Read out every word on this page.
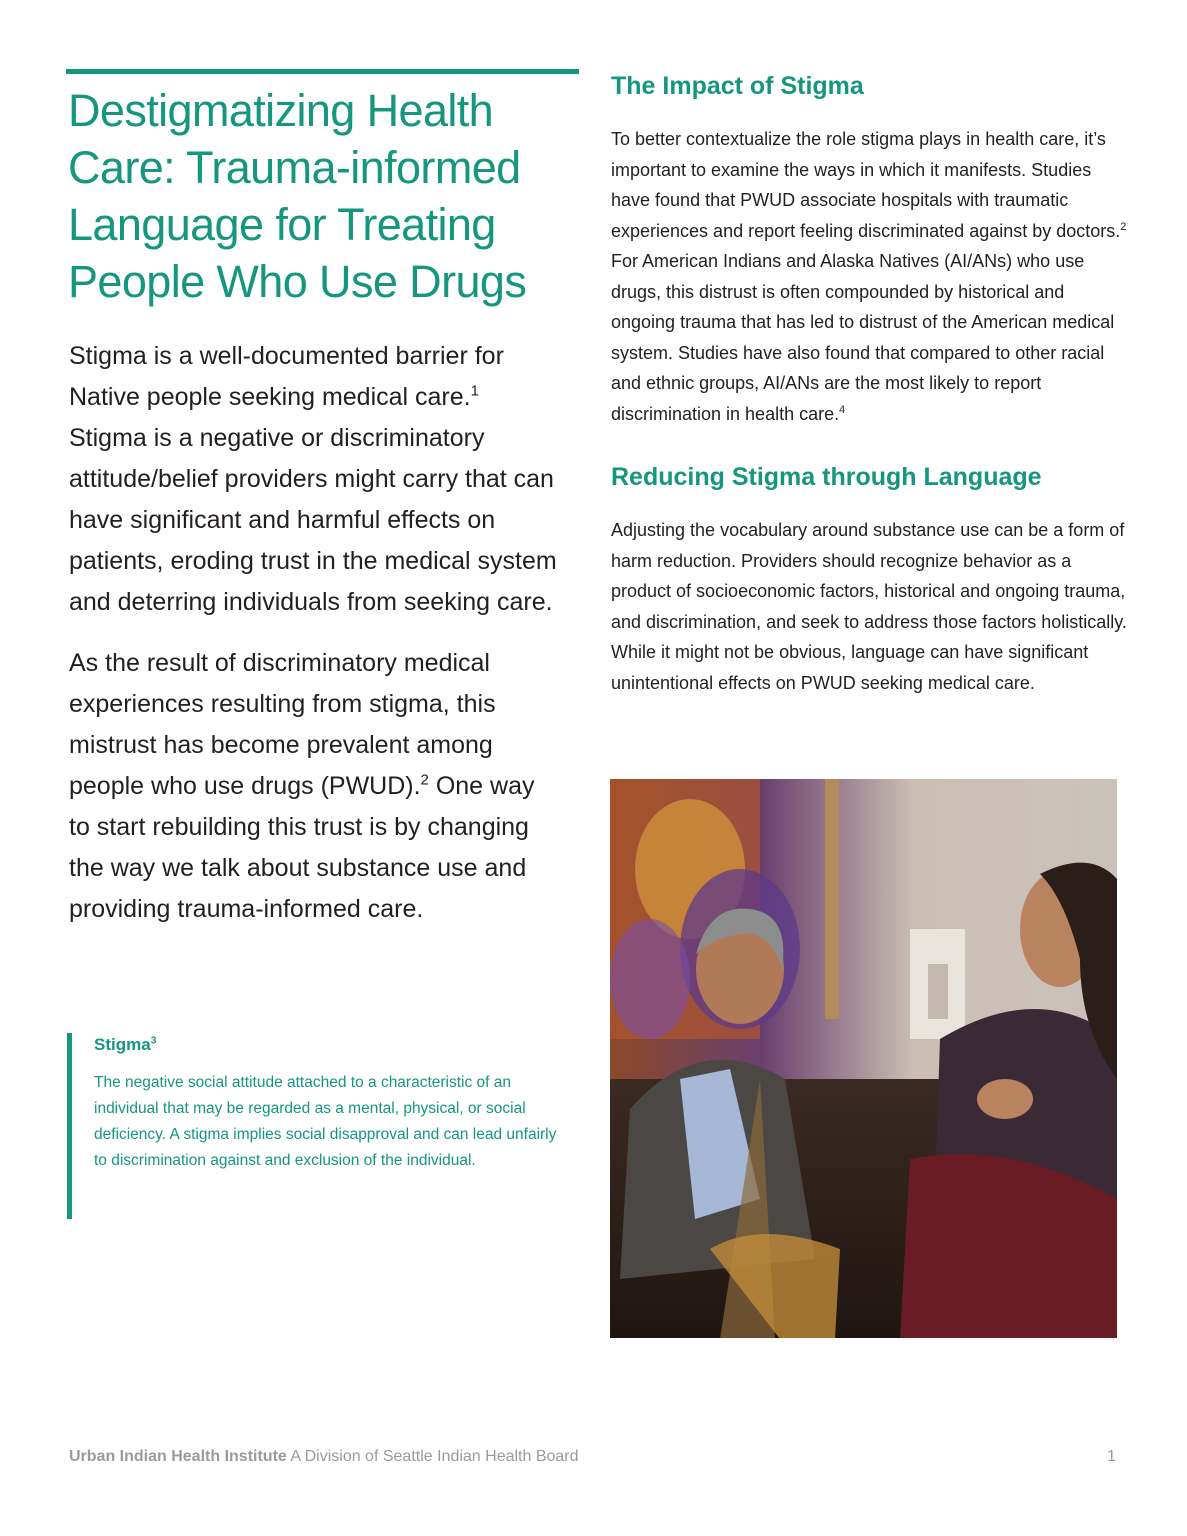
Destigmatizing Health Care: Trauma-informed Language for Treating People Who Use Drugs

Stigma is a well-documented barrier for Native people seeking medical care.$^1$ Stigma is a negative or discriminatory attitude/belief providers might carry that can have significant and harmful effects on patients, eroding trust in the medical system and deterring individuals from seeking care.

As the result of discriminatory medical experiences resulting from stigma, this mistrust has become prevalent among people who use drugs (PWUD).$^2$ One way to start rebuilding this trust is by changing the way we talk about substance use and providing trauma-informed care.

Stigma$^3$

The negative social attitude attached to a characteristic of an individual that may be regarded as a mental, physical, or social deficiency. A stigma implies social disapproval and can lead unfairly to discrimination against and exclusion of the individual.

The Impact of Stigma

To better contextualize the role stigma plays in health care, it’s important to examine the ways in which it manifests. Studies have found that PWUD associate hospitals with traumatic experiences and report feeling discriminated against by doctors.$^2$ For American Indians and Alaska Natives (AI/ANs) who use drugs, this distrust is often compounded by historical and ongoing trauma that has led to distrust of the American medical system. Studies have also found that compared to other racial and ethnic groups, AI/ANs are the most likely to report discrimination in health care.$^4$

Reducing Stigma through Language

Adjusting the vocabulary around substance use can be a form of harm reduction. Providers should recognize behavior as a product of socioeconomic factors, historical and ongoing trauma, and discrimination, and seek to address those factors holistically. While it might not be obvious, language can have significant unintentional effects on PWUD seeking medical care.

Urban Indian Health Institute A Division of Seattle Indian Health Board	1
